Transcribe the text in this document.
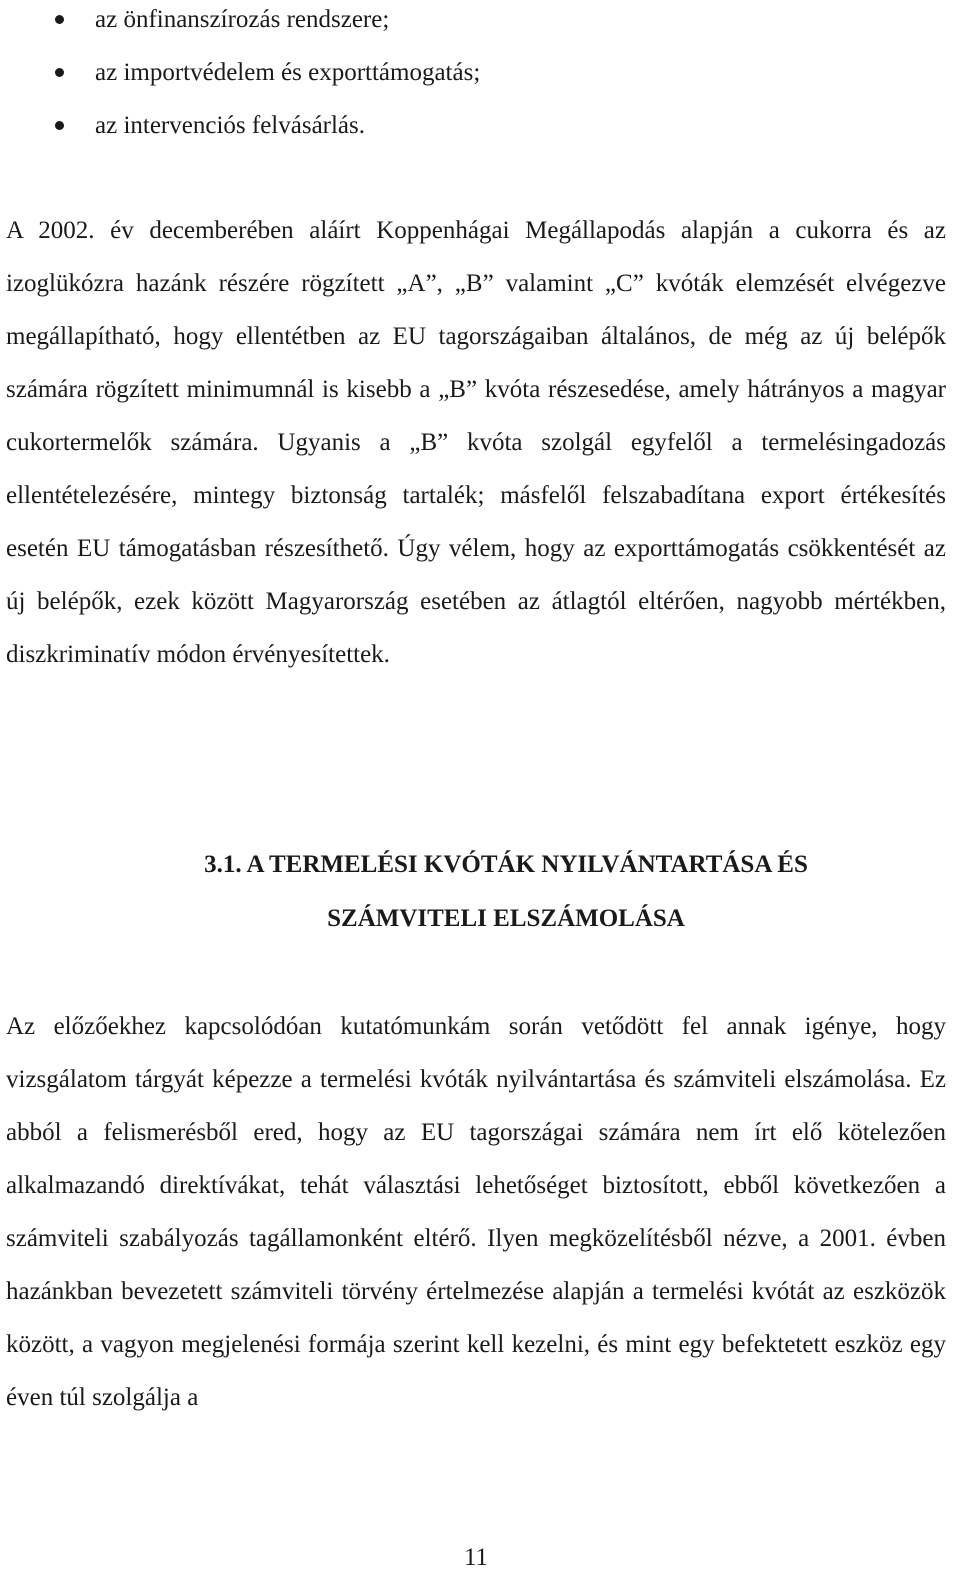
az önfinanszírozás rendszere;
az importvédelem és exporttámogatás;
az intervenciós felvásárlás.

A 2002. év decemberében aláírt Koppenhágai Megállapodás alapján a cukorra és az izoglükózra hazánk részére rögzített „A”, „B” valamint „C” kvóták elemzését elvégezve megállapítható, hogy ellentétben az EU tagországaiban általános, de még az új belépők számára rögzített minimumnál is kisebb a „B” kvóta részesedése, amely hátrányos a magyar cukortermelők számára. Ugyanis a „B” kvóta szolgál egyfelől a termelésingadozás ellentételezésére, mintegy biztonság tartalék; másfelől felszabadítana export értékesítés esetén EU támogatásban részesíthető. Úgy vélem, hogy az exporttámogatás csökkentését az új belépők, ezek között Magyarország esetében az átlagtól eltérően, nagyobb mértékben, diszkriminatív módon érvényesítettek.

3.1. A TERMELÉSI KVÓTÁK NYILVÁNTARTÁSA ÉS
SZÁMVITELI ELSZÁMOLÁSA

Az előzőekhez kapcsolódóan kutatómunkám során vetődött fel annak igénye, hogy vizsgálatom tárgyát képezze a termelési kvóták nyilvántartása és számviteli elszámolása. Ez abból a felismerésből ered, hogy az EU tagországai számára nem írt elő kötelezően alkalmazandó direktívákat, tehát választási lehetőséget biztosított, ebből következően a számviteli szabályozás tagállamonként eltérő. Ilyen megközelítésből nézve, a 2001. évben hazánkban bevezetett számviteli törvény értelmezése alapján a termelési kvótát az eszközök között, a vagyon megjelenési formája szerint kell kezelni, és mint egy befektetett eszköz egy éven túl szolgálja a

11
